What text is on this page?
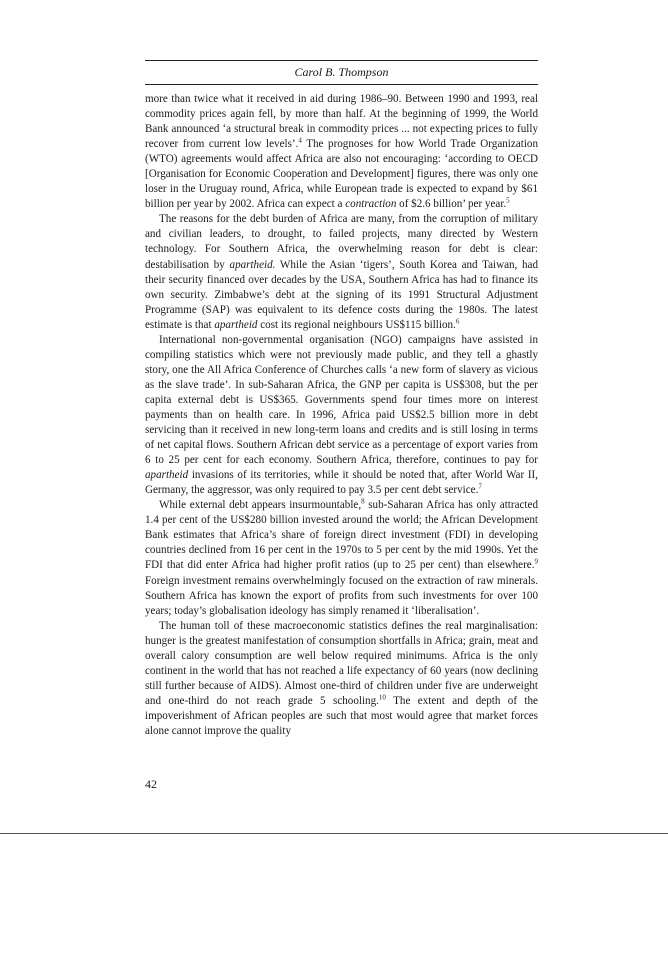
Carol B. Thompson

more than twice what it received in aid during 1986–90. Between 1990 and 1993, real commodity prices again fell, by more than half. At the beginning of 1999, the World Bank announced ‘a structural break in commodity prices ... not expecting prices to fully recover from current low levels’.$^4$ The prognoses for how World Trade Organization (WTO) agreements would affect Africa are also not encouraging: ‘according to OECD [Organisation for Economic Cooperation and Development] figures, there was only one loser in the Uruguay round, Africa, while European trade is expected to expand by $61 billion per year by 2002. Africa can expect a contraction of $2.6 billion’ per year.$^5$

The reasons for the debt burden of Africa are many, from the corruption of military and civilian leaders, to drought, to failed projects, many directed by Western technology. For Southern Africa, the overwhelming reason for debt is clear: destabilisation by apartheid. While the Asian ‘tigers’, South Korea and Taiwan, had their security financed over decades by the USA, Southern Africa has had to finance its own security. Zimbabwe’s debt at the signing of its 1991 Structural Adjustment Programme (SAP) was equivalent to its defence costs during the 1980s. The latest estimate is that apartheid cost its regional neighbours US$115 billion.$^6$

International non-governmental organisation (NGO) campaigns have assisted in compiling statistics which were not previously made public, and they tell a ghastly story, one the All Africa Conference of Churches calls ‘a new form of slavery as vicious as the slave trade’. In sub-Saharan Africa, the GNP per capita is US$308, but the per capita external debt is US$365. Governments spend four times more on interest payments than on health care. In 1996, Africa paid US$2.5 billion more in debt servicing than it received in new long-term loans and credits and is still losing in terms of net capital flows. Southern African debt service as a percentage of export varies from 6 to 25 per cent for each economy. Southern Africa, therefore, continues to pay for apartheid invasions of its territories, while it should be noted that, after World War II, Germany, the aggressor, was only required to pay 3.5 per cent debt service.$^7$

While external debt appears insurmountable,$^8$ sub-Saharan Africa has only attracted 1.4 per cent of the US$280 billion invested around the world; the African Development Bank estimates that Africa’s share of foreign direct investment (FDI) in developing countries declined from 16 per cent in the 1970s to 5 per cent by the mid 1990s. Yet the FDI that did enter Africa had higher profit ratios (up to 25 per cent) than elsewhere.$^9$ Foreign investment remains overwhelmingly focused on the extraction of raw minerals. Southern Africa has known the export of profits from such investments for over 100 years; today’s globalisation ideology has simply renamed it ‘liberalisation’.

The human toll of these macroeconomic statistics defines the real marginalisation: hunger is the greatest manifestation of consumption shortfalls in Africa; grain, meat and overall calory consumption are well below required minimums. Africa is the only continent in the world that has not reached a life expectancy of 60 years (now declining still further because of AIDS). Almost one-third of children under five are underweight and one-third do not reach grade 5 schooling.$^{10}$ The extent and depth of the impoverishment of African peoples are such that most would agree that market forces alone cannot improve the quality

42
